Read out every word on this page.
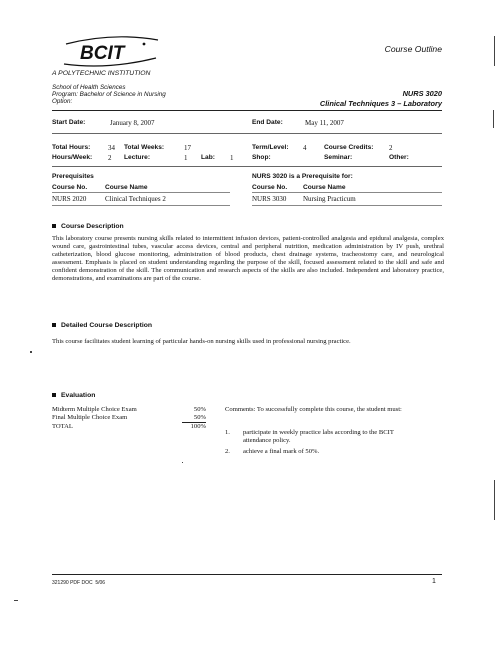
BCIT
A POLYTECHNIC INSTITUTION
Course Outline
School of Health Sciences
Program: Bachelor of Science in Nursing
Option:
NURS 3020
Clinical Techniques 3 – Laboratory
Start Date:	January 8, 2007	End Date:	May 11, 2007
Total Hours:	34 Total Weeks:	17	Term/Level: 4	Course Credits: 2
Hours/Week: 2 Lecture:	1 Lab: 1	Shop:	Seminar:	Other:
Prerequisites
Course No.	Course Name
NURS 2020	Clinical Techniques 2
NURS 3020 is a Prerequisite for:
Course No. Course Name
NURS 3030 Nursing Practicum
Course Description
This laboratory course presents nursing skills related to intermittent infusion devices, patient-controlled analgesia and epidural analgesia, complex wound care, gastrointestinal tubes, vascular access devices, central and peripheral nutrition, medication administration by IV push, urethral catheterization, blood glucose monitoring, administration of blood products, chest drainage systems, tracheostomy care, and neurological assessment. Emphasis is placed on student understanding regarding the purpose of the skill, focused assessment related to the skill and safe and confident demonstration of the skill. The communication and research aspects of the skills are also included. Independent and laboratory practice, demonstrations, and examinations are part of the course.
Detailed Course Description
This course facilitates student learning of particular hands-on nursing skills used in professional nursing practice.
Evaluation
Midterm Multiple Choice Exam	50%
Final Multiple Choice Exam	50%
TOTAL	100%
Comments: To successfully complete this course, the student must:
1. participate in weekly practice labs according to the BCIT attendance policy.
2. achieve a final mark of 50%.
321290 PDF DOC 5/06	1
